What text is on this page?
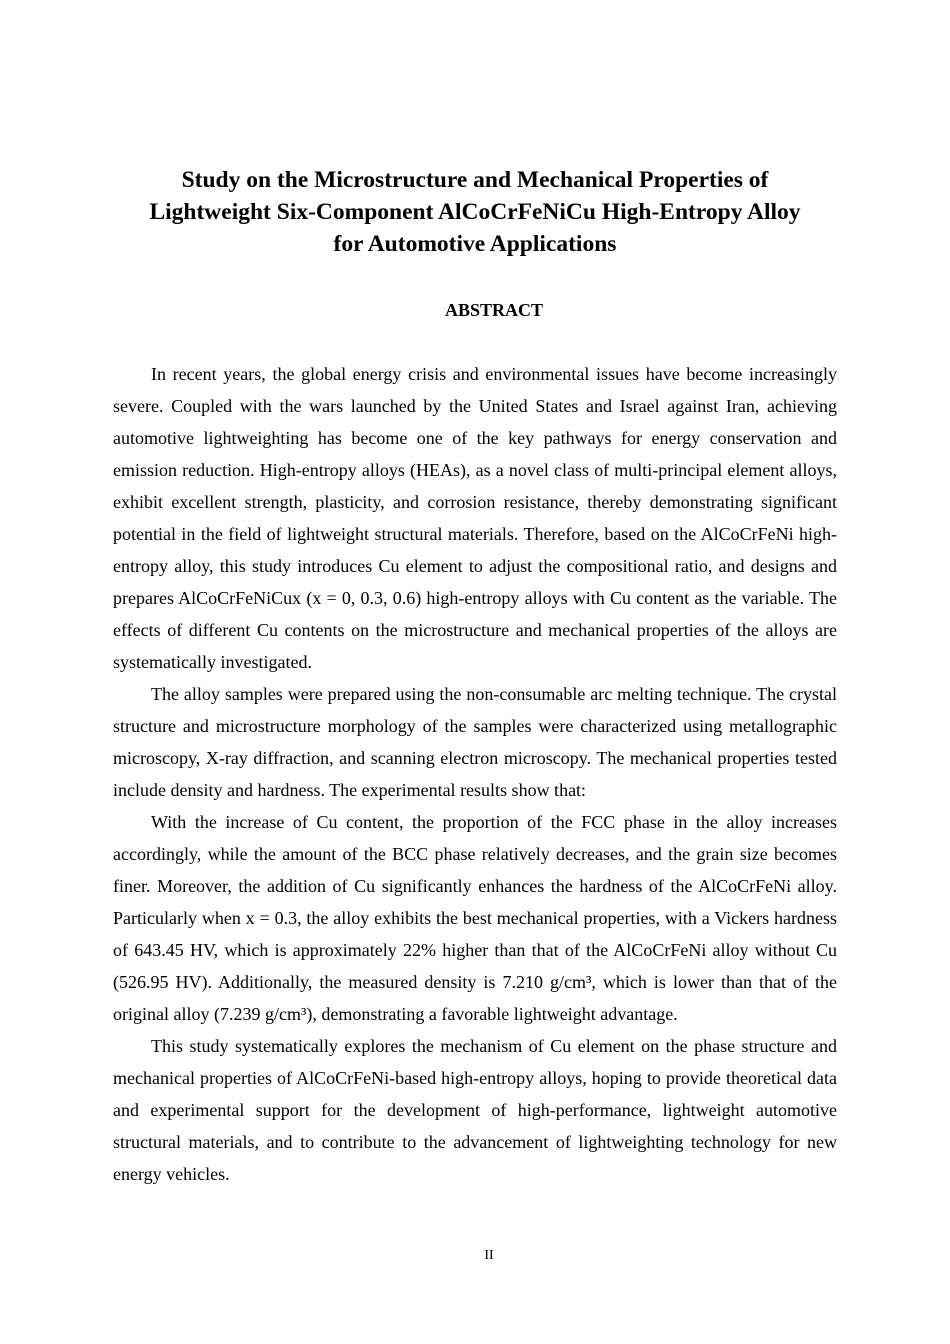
Study on the Microstructure and Mechanical Properties of
Lightweight Six-Component AlCoCrFeNiCu High-Entropy Alloy
for Automotive Applications
ABSTRACT

In recent years, the global energy crisis and environmental issues have become increasingly severe. Coupled with the wars launched by the United States and Israel against Iran, achieving automotive lightweighting has become one of the key pathways for energy conservation and emission reduction. High-entropy alloys (HEAs), as a novel class of multi-principal element alloys, exhibit excellent strength, plasticity, and corrosion resistance, thereby demonstrating significant potential in the field of lightweight structural materials. Therefore, based on the AlCoCrFeNi high-entropy alloy, this study introduces Cu element to adjust the compositional ratio, and designs and prepares AlCoCrFeNiCux (x = 0, 0.3, 0.6) high-entropy alloys with Cu content as the variable. The effects of different Cu contents on the microstructure and mechanical properties of the alloys are systematically investigated.

The alloy samples were prepared using the non-consumable arc melting technique. The crystal structure and microstructure morphology of the samples were characterized using metallographic microscopy, X-ray diffraction, and scanning electron microscopy. The mechanical properties tested include density and hardness. The experimental results show that:

With the increase of Cu content, the proportion of the FCC phase in the alloy increases accordingly, while the amount of the BCC phase relatively decreases, and the grain size becomes finer. Moreover, the addition of Cu significantly enhances the hardness of the AlCoCrFeNi alloy. Particularly when x = 0.3, the alloy exhibits the best mechanical properties, with a Vickers hardness of 643.45 HV, which is approximately 22% higher than that of the AlCoCrFeNi alloy without Cu (526.95 HV). Additionally, the measured density is 7.210 g/cm³, which is lower than that of the original alloy (7.239 g/cm³), demonstrating a favorable lightweight advantage.

This study systematically explores the mechanism of Cu element on the phase structure and mechanical properties of AlCoCrFeNi-based high-entropy alloys, hoping to provide theoretical data and experimental support for the development of high-performance, lightweight automotive structural materials, and to contribute to the advancement of lightweighting technology for new energy vehicles.

II
